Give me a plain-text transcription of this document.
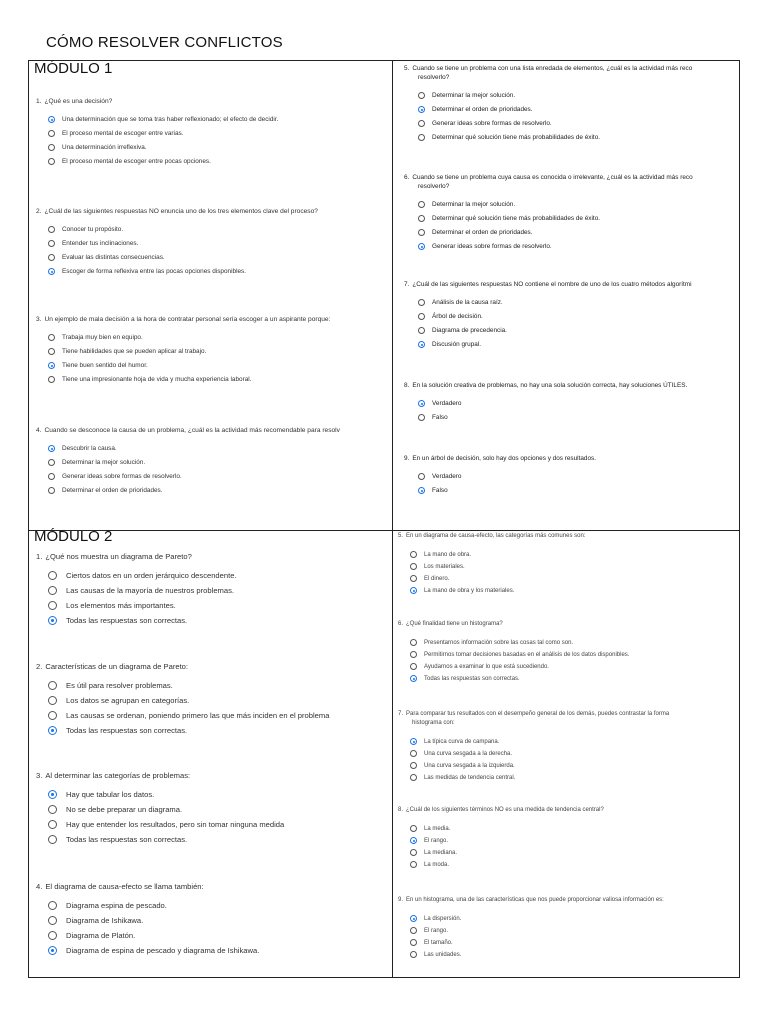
CÓMO RESOLVER CONFLICTOS
MÓDULO 1
MÓDULO 2
1. ¿Qué es una decisión?
Una determinación que se toma tras haber reflexionado; el efecto de decidir.
El proceso mental de escoger entre varias.
Una determinación irreflexiva.
El proceso mental de escoger entre pocas opciones.
2. ¿Cuál de las siguientes respuestas NO enuncia uno de los tres elementos clave del proceso?
Conocer tu propósito.
Entender tus inclinaciones.
Evaluar las distintas consecuencias.
Escoger de forma reflexiva entre las pocas opciones disponibles.
3. Un ejemplo de mala decisión a la hora de contratar personal sería escoger a un aspirante porque:
Trabaja muy bien en equipo.
Tiene habilidades que se pueden aplicar al trabajo.
Tiene buen sentido del humor.
Tiene una impresionante hoja de vida y mucha experiencia laboral.
4. Cuando se desconoce la causa de un problema, ¿cuál es la actividad más recomendable para resolv
Descubrir la causa.
Determinar la mejor solución.
Generar ideas sobre formas de resolverlo.
Determinar el orden de prioridades.
5. Cuando se tiene un problema con una lista enredada de elementos, ¿cuál es la actividad más reco
resolverlo?
Determinar la mejor solución.
Determinar el orden de prioridades.
Generar ideas sobre formas de resolverlo.
Determinar qué solución tiene más probabilidades de éxito.
6. Cuando se tiene un problema cuya causa es conocida o irrelevante, ¿cuál es la actividad más reco
resolverlo?
Determinar la mejor solución.
Determinar qué solución tiene más probabilidades de éxito.
Determinar el orden de prioridades.
Generar ideas sobre formas de resolverlo.
7. ¿Cuál de las siguientes respuestas NO contiene el nombre de uno de los cuatro métodos algorítmi
Análisis de la causa raíz.
Árbol de decisión.
Diagrama de precedencia.
Discusión grupal.
8. En la solución creativa de problemas, no hay una sola solución correcta, hay soluciones ÚTILES.
Verdadero
Falso
9. En un árbol de decisión, solo hay dos opciones y dos resultados.
Verdadero
Falso
1. ¿Qué nos muestra un diagrama de Pareto?
Ciertos datos en un orden jerárquico descendente.
Las causas de la mayoría de nuestros problemas.
Los elementos más importantes.
Todas las respuestas son correctas.
2. Características de un diagrama de Pareto:
Es útil para resolver problemas.
Los datos se agrupan en categorías.
Las causas se ordenan, poniendo primero las que más inciden en el problema
Todas las respuestas son correctas.
3. Al determinar las categorías de problemas:
Hay que tabular los datos.
No se debe preparar un diagrama.
Hay que entender los resultados, pero sin tomar ninguna medida
Todas las respuestas son correctas.
4. El diagrama de causa-efecto se llama también:
Diagrama espina de pescado.
Diagrama de Ishikawa.
Diagrama de Platón.
Diagrama de espina de pescado y diagrama de Ishikawa.
5. En un diagrama de causa-efecto, las categorías más comunes son:
La mano de obra.
Los materiales.
El dinero.
La mano de obra y los materiales.
6. ¿Qué finalidad tiene un histograma?
Presentarnos información sobre las cosas tal como son.
Permitirnos tomar decisiones basadas en el análisis de los datos disponibles.
Ayudarnos a examinar lo que está sucediendo.
Todas las respuestas son correctas.
7. Para comparar tus resultados con el desempeño general de los demás, puedes contrastar la forma
histograma con:
La típica curva de campana.
Una curva sesgada a la derecha.
Una curva sesgada a la izquierda.
Las medidas de tendencia central.
8. ¿Cuál de los siguientes términos NO es una medida de tendencia central?
La media.
El rango.
La mediana.
La moda.
9. En un histograma, una de las características que nos puede proporcionar valiosa información es:
La dispersión.
El rango.
El tamaño.
Las unidades.
